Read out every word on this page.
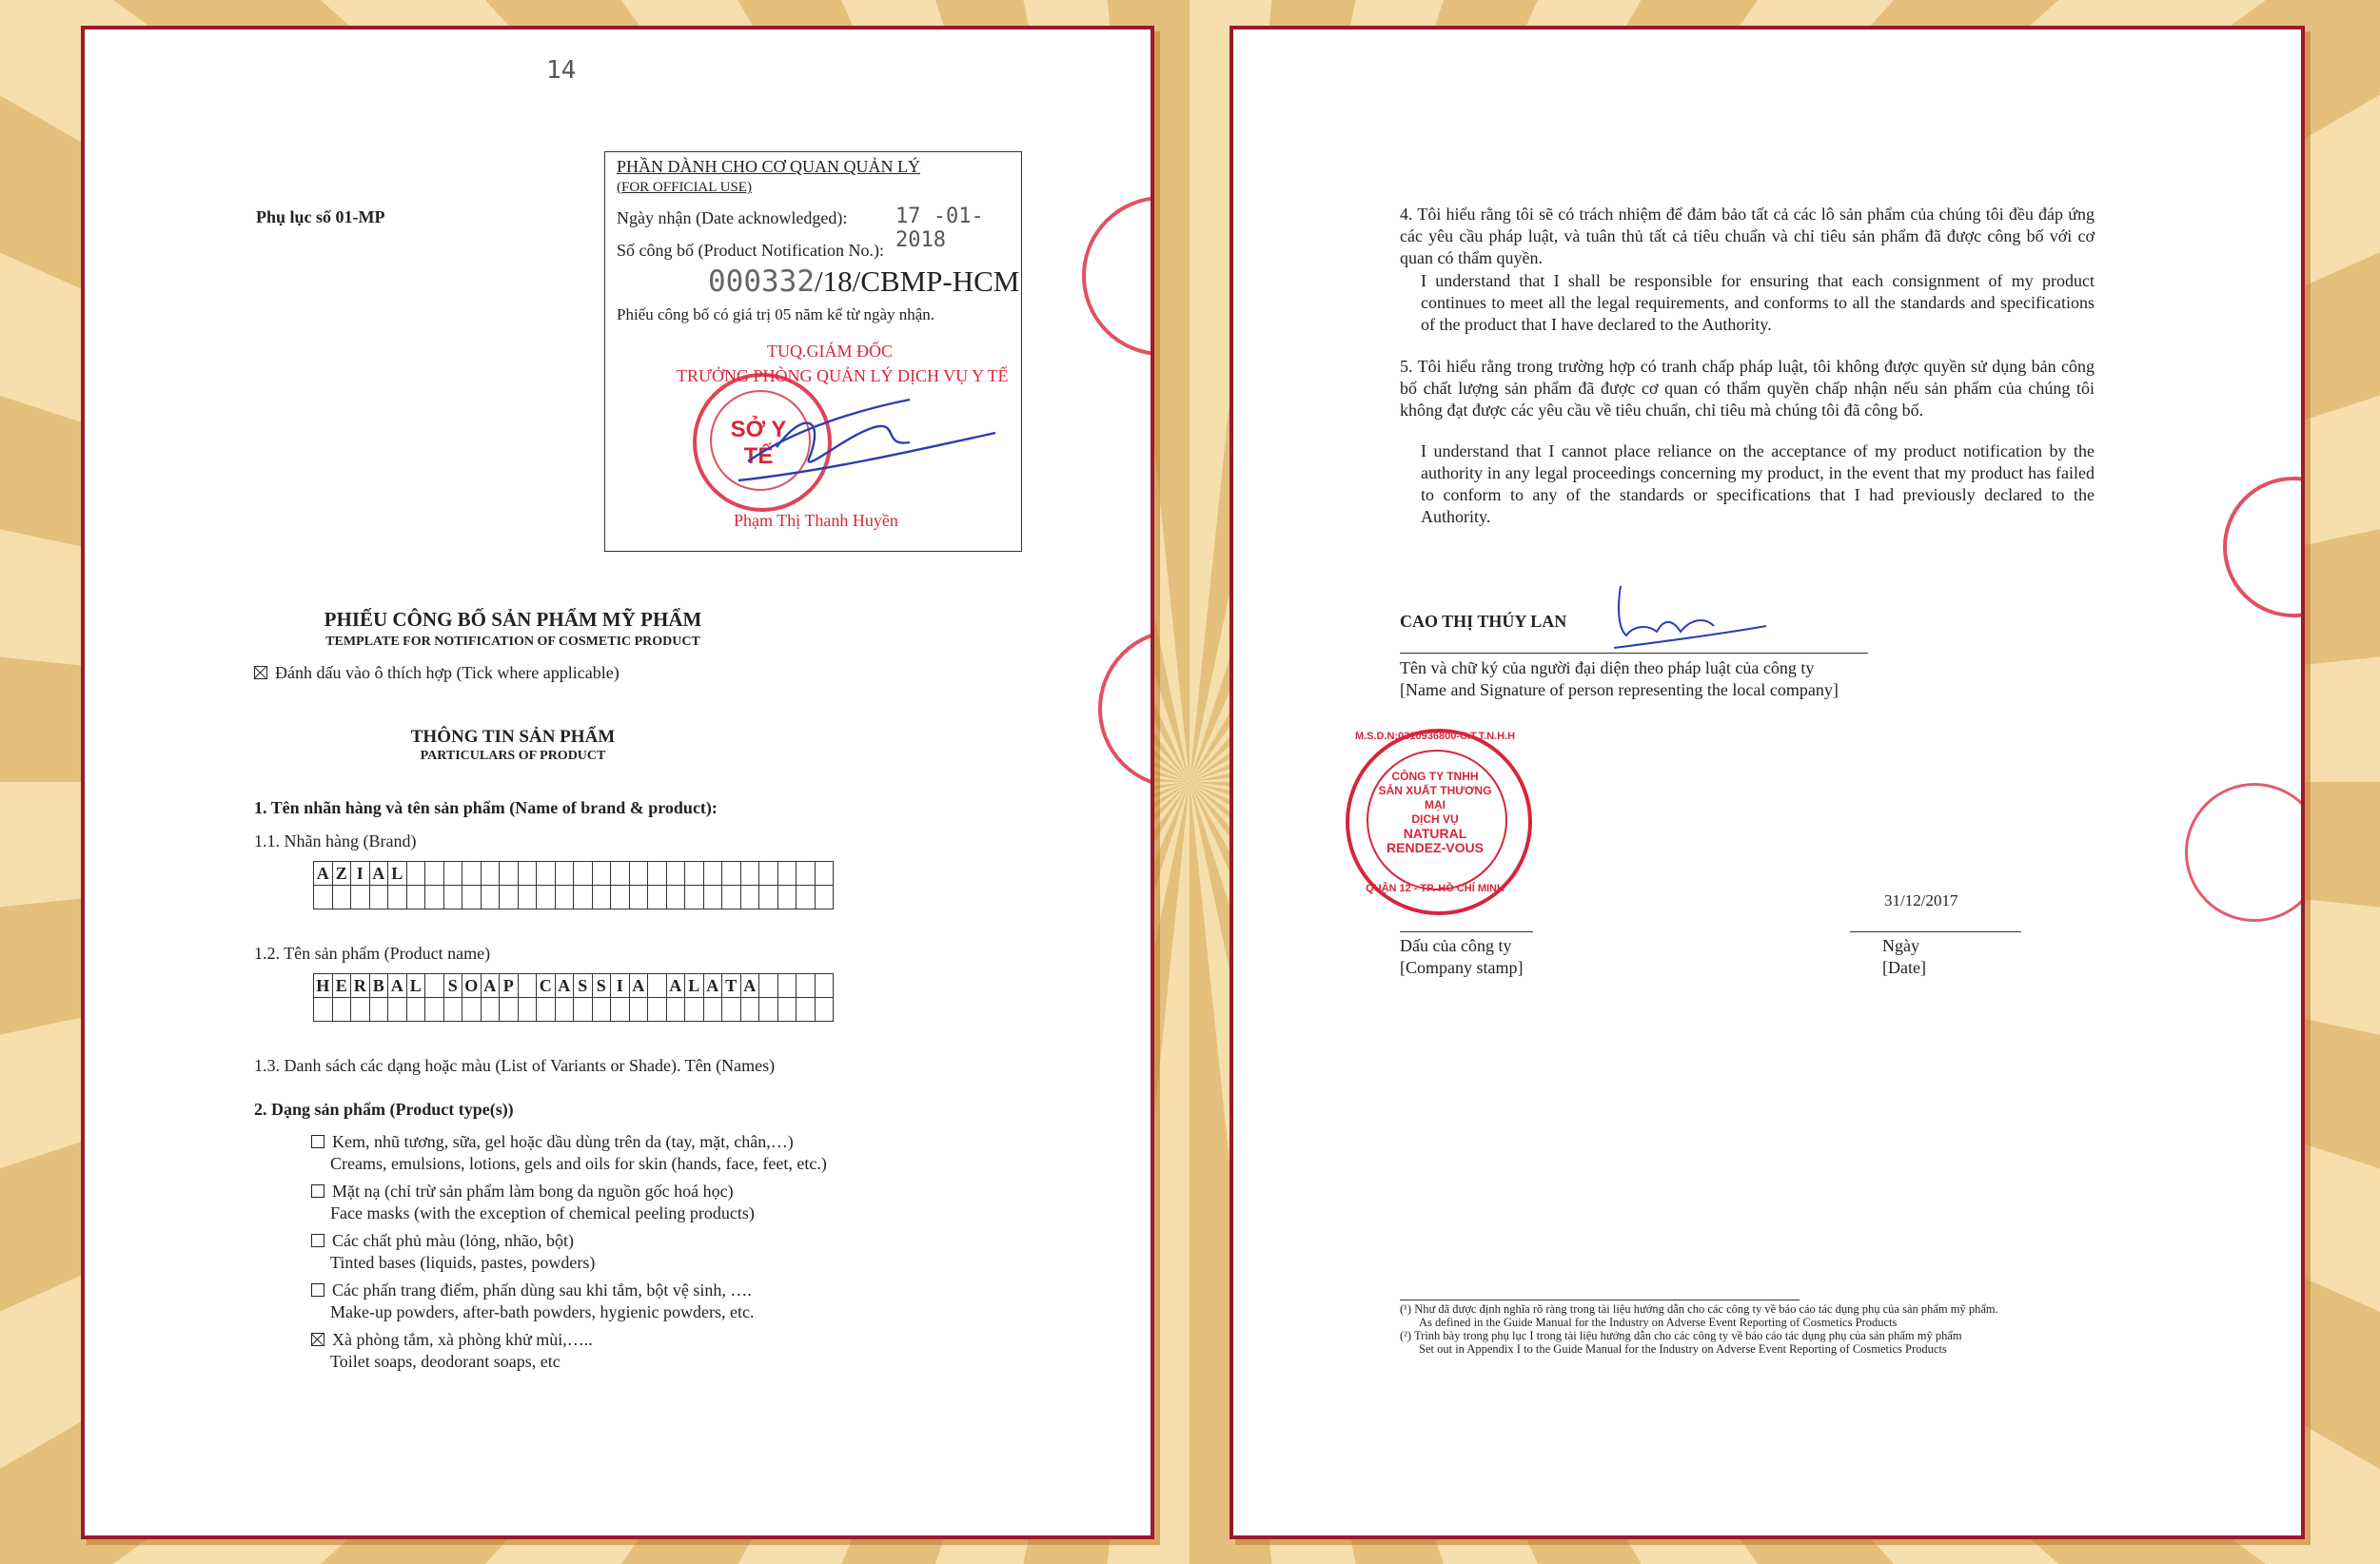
14
Phụ lục số 01-MP
PHẦN DÀNH CHO CƠ QUAN QUẢN LÝ
(FOR OFFICIAL USE)
Ngày nhận (Date acknowledged): 17 -01- 2018
Số công bố (Product Notification No.):
000332/18/CBMP-HCM
Phiếu công bố có giá trị 05 năm kể từ ngày nhận.
TUQ.GIÁM ĐỐC
TRƯỞNG PHÒNG QUẢN LÝ DỊCH VỤ Y TẾ
SỞ Y TẾ
Phạm Thị Thanh Huyền
PHIẾU CÔNG BỐ SẢN PHẨM MỸ PHẨM
TEMPLATE FOR NOTIFICATION OF COSMETIC PRODUCT
Đánh dấu vào ô thích hợp (Tick where applicable)
THÔNG TIN SẢN PHẨM
PARTICULARS OF PRODUCT
1. Tên nhãn hàng và tên sản phẩm (Name of brand & product):
1.1. Nhãn hàng (Brand)
A	Z	I	A	L																							

1.2. Tên sản phẩm (Product name)
H	E	R	B	A	L		S	O	A	P		C	A	S	S	I	A		A	L	A	T	A				

1.3. Danh sách các dạng hoặc màu (List of Variants or Shade). Tên (Names)
2. Dạng sản phẩm (Product type(s))
Kem, nhũ tương, sữa, gel hoặc dầu dùng trên da (tay, mặt, chân,…)
Creams, emulsions, lotions, gels and oils for skin (hands, face, feet, etc.)
Mặt nạ (chỉ trừ sản phẩm làm bong da nguồn gốc hoá học)
Face masks (with the exception of chemical peeling products)
Các chất phủ màu (lỏng, nhão, bột)
Tinted bases (liquids, pastes, powders)
Các phấn trang điểm, phấn dùng sau khi tắm, bột vệ sinh, ….
Make-up powders, after-bath powders, hygienic powders, etc.
Xà phòng tắm, xà phòng khử mùi,…..
Toilet soaps, deodorant soaps, etc
4. Tôi hiểu rằng tôi sẽ có trách nhiệm để đảm bảo tất cả các lô sản phẩm của chúng tôi đều đáp ứng các yêu cầu pháp luật, và tuân thủ tất cả tiêu chuẩn và chỉ tiêu sản phẩm đã được công bố với cơ quan có thẩm quyền.
I understand that I shall be responsible for ensuring that each consignment of my product continues to meet all the legal requirements, and conforms to all the standards and specifications of the product that I have declared to the Authority.
5. Tôi hiểu rằng trong trường hợp có tranh chấp pháp luật, tôi không được quyền sử dụng bản công bố chất lượng sản phẩm đã được cơ quan có thẩm quyền chấp nhận nếu sản phẩm của chúng tôi không đạt được các yêu cầu về tiêu chuẩn, chỉ tiêu mà chúng tôi đã công bố.
I understand that I cannot place reliance on the acceptance of my product notification by the authority in any legal proceedings concerning my product, in the event that my product has failed to conform to any of the standards or specifications that I had previously declared to the Authority.
CAO THỊ THÚY LAN
Tên và chữ ký của người đại diện theo pháp luật của công ty
[Name and Signature of person representing the local company]
M.S.D.N:0310936800-C.T.T.N.H.H
CÔNG TY TNHH
SẢN XUẤT THƯƠNG MẠI
DỊCH VỤ
NATURAL
RENDEZ-VOUS
QUẬN 12 - TP. HỒ CHÍ MINH
31/12/2017
Dấu của công ty
[Company stamp]
Ngày
[Date]
(¹) Như đã được định nghĩa rõ ràng trong tài liệu hướng dẫn cho các công ty về báo cáo tác dụng phụ của sản phẩm mỹ phẩm.
As defined in the Guide Manual for the Industry on Adverse Event Reporting of Cosmetics Products
(²) Trình bày trong phụ lục I trong tài liệu hướng dẫn cho các công ty về báo cáo tác dụng phụ của sản phẩm mỹ phẩm
Set out in Appendix I to the Guide Manual for the Industry on Adverse Event Reporting of Cosmetics Products
